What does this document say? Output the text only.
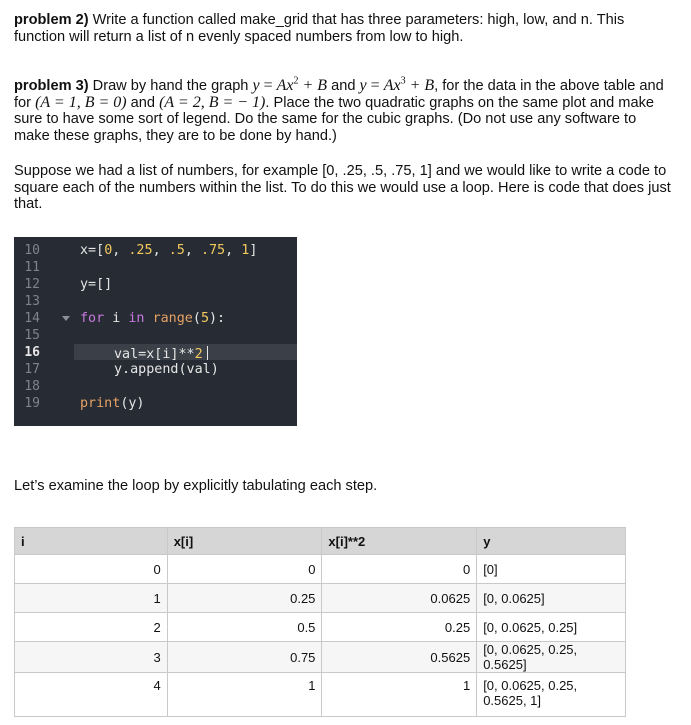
problem 2) Write a function called make_grid that has three parameters: high, low, and n. This function will return a list of n evenly spaced numbers from low to high.
problem 3) Draw by hand the graph $y = Ax^2 + B$ and $y = Ax^3 + B$, for the data in the above table and for (A = 1, B = 0) and (A = 2, B = − 1). Place the two quadratic graphs on the same plot and make sure to have some sort of legend. Do the same for the cubic graphs. (Do not use any software to make these graphs, they are to be done by hand.)
Suppose we had a list of numbers, for example [0, .25, .5, .75, 1] and we would like to write a code to square each of the numbers within the list. To do this we would use a loop. Here is code that does just that.
10	x=[0, .25, .5, .75, 1]
11
12	y=[]
13
14	for i in range(5):
15
16	val=x[i]**2
17	y.append(val)
18
19	print(y)
Let’s examine the loop by explicitly tabulating each step.
i	x[i]	x[i]**2	y
0	0	0	[0]
1	0.25	0.0625	[0, 0.0625]
2	0.5	0.25	[0, 0.0625, 0.25]
3	0.75	0.5625	[0, 0.0625, 0.25, 0.5625]
4	1	1	[0, 0.0625, 0.25, 0.5625, 1]
